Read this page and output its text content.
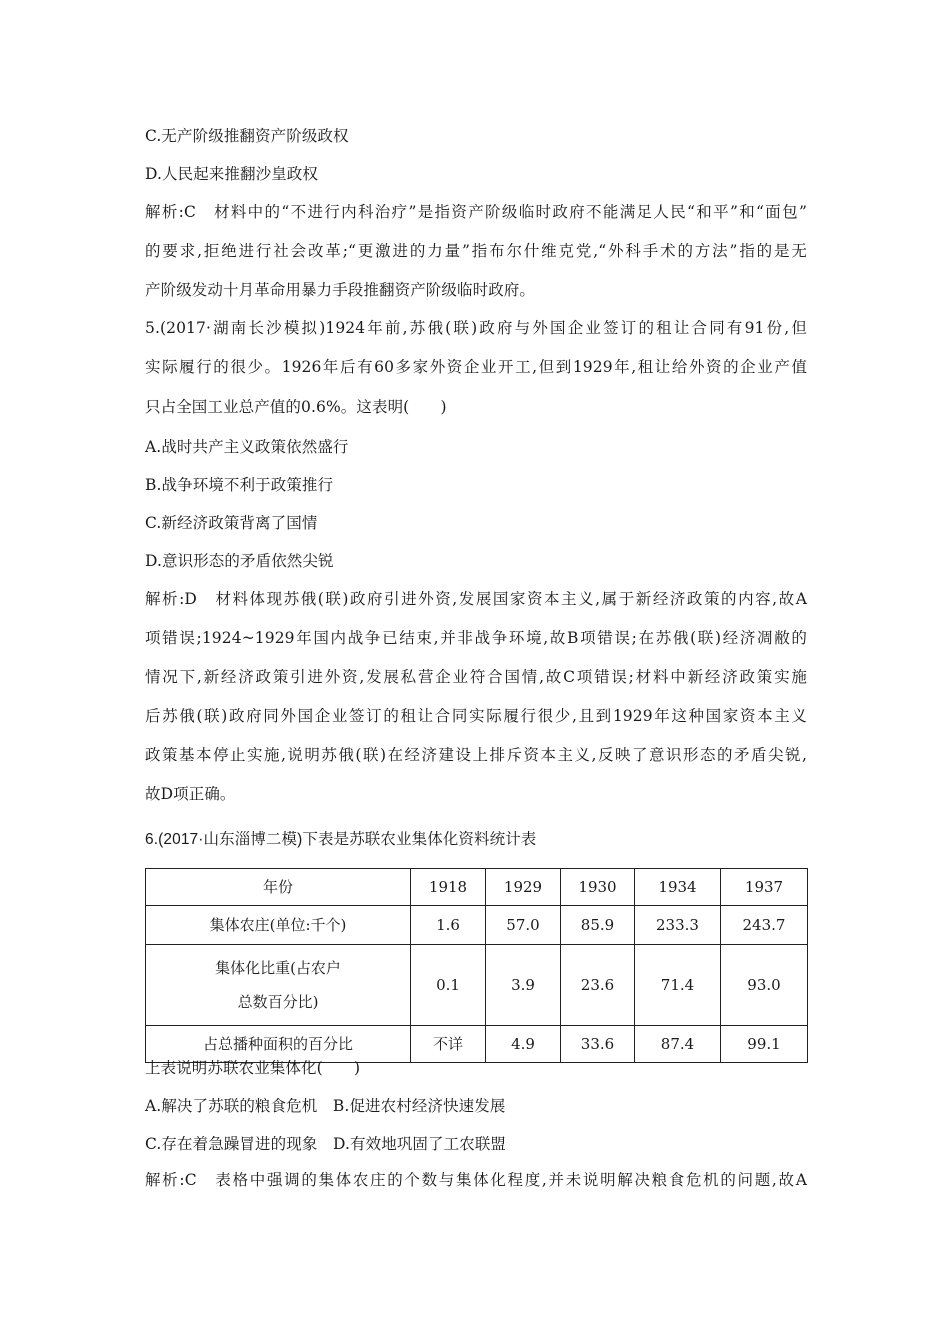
C.无产阶级推翻资产阶级政权
D.人民起来推翻沙皇政权
解析:C　材料中的“不进行内科治疗”是指资产阶级临时政府不能满足人民“和平”和“面包”
的要求,拒绝进行社会改革;“更激进的力量”指布尔什维克党,“外科手术的方法”指的是无
产阶级发动十月革命用暴力手段推翻资产阶级临时政府。
5.(2017·湖南长沙模拟)1924年前,苏俄(联)政府与外国企业签订的租让合同有91份,但
实际履行的很少。1926年后有60多家外资企业开工,但到1929年,租让给外资的企业产值
只占全国工业总产值的0.6%。这表明(　　)
A.战时共产主义政策依然盛行
B.战争环境不利于政策推行
C.新经济政策背离了国情
D.意识形态的矛盾依然尖锐
解析:D　材料体现苏俄(联)政府引进外资,发展国家资本主义,属于新经济政策的内容,故A
项错误;1924~1929年国内战争已结束,并非战争环境,故B项错误;在苏俄(联)经济凋敝的
情况下,新经济政策引进外资,发展私营企业符合国情,故C项错误;材料中新经济政策实施
后苏俄(联)政府同外国企业签订的租让合同实际履行很少,且到1929年这种国家资本主义
政策基本停止实施,说明苏俄(联)在经济建设上排斥资本主义,反映了意识形态的矛盾尖锐,
故D项正确。
6.(2017·山东淄博二模)下表是苏联农业集体化资料统计表
年份	1918	1929	1930	1934	1937
集体农庄(单位:千个)	1.6	57.0	85.9	233.3	243.7

集体化比重(占农户
总数百分比)	0.1	3.9	23.6	71.4	93.0
占总播种面积的百分比	不详	4.9	33.6	87.4	99.1
上表说明苏联农业集体化(　　)
A.解决了苏联的粮食危机　B.促进农村经济快速发展
C.存在着急躁冒进的现象　D.有效地巩固了工农联盟
解析:C　表格中强调的集体农庄的个数与集体化程度,并未说明解决粮食危机的问题,故A
